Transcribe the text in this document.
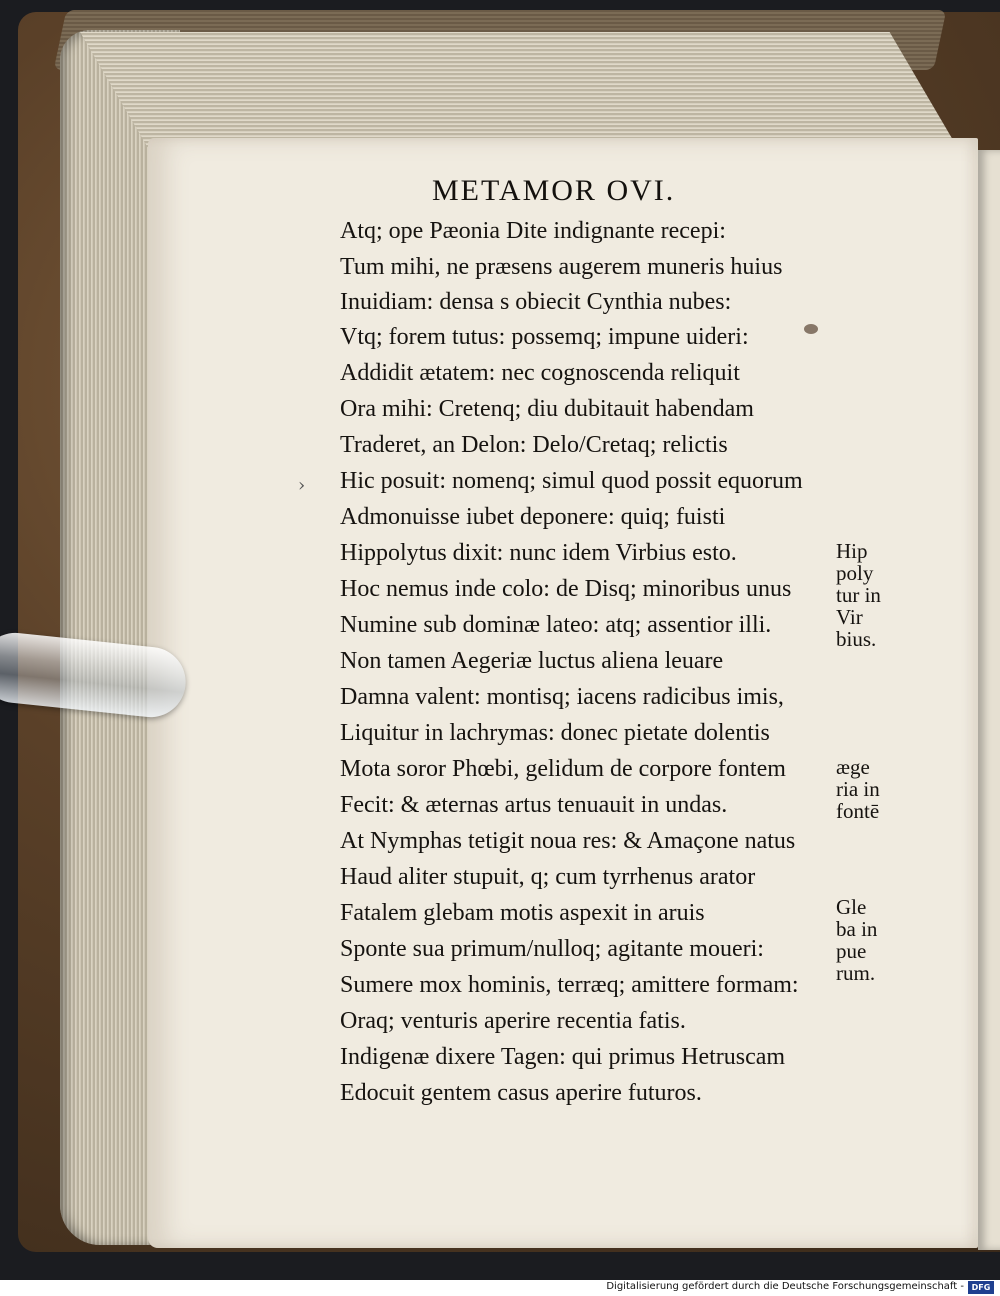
METAMOR OVI.
Atq; ope Pæonia Dite indignante recepi:
Tum mihi, ne præsens augerem muneris huius
Inuidiam: densa s obiecit Cynthia nubes:
Vtq; forem tutus: possemq; impune uideri:
Addidit ætatem: nec cognoscenda reliquit
Ora mihi: Cretenq; diu dubitauit habendam
Traderet, an Delon: Delo/Cretaq; relictis
Hic posuit: nomenq; simul quod possit equorum
Admonuisse iubet deponere: quiq; fuisti
Hippolytus dixit: nunc idem Virbius esto.
Hoc nemus inde colo: de Disq; minoribus unus
Numine sub dominæ lateo: atq; assentior illi.
Non tamen Aegeriæ luctus aliena leuare
Damna valent: montisq; iacens radicibus imis,
Liquitur in lachrymas: donec pietate dolentis
Mota soror Phœbi, gelidum de corpore fontem
Fecit: & æternas artus tenuauit in undas.
At Nymphas tetigit noua res: & Amaçone natus
Haud aliter stupuit, q; cum tyrrhenus arator
Fatalem glebam motis aspexit in aruis
Sponte sua primum/nulloq; agitante moueri:
Sumere mox hominis, terræq; amittere formam:
Oraq; venturis aperire recentia fatis.
Indigenæ dixere Tagen: qui primus Hetruscam
Edocuit gentem casus aperire futuros.
Hip
poly
tur in
Vir
bius.
æge
ria in
fontē
Gle
ba in
pue
rum.
›
Digitalisierung gefördert durch die Deutsche Forschungsgemeinschaft - DFG
